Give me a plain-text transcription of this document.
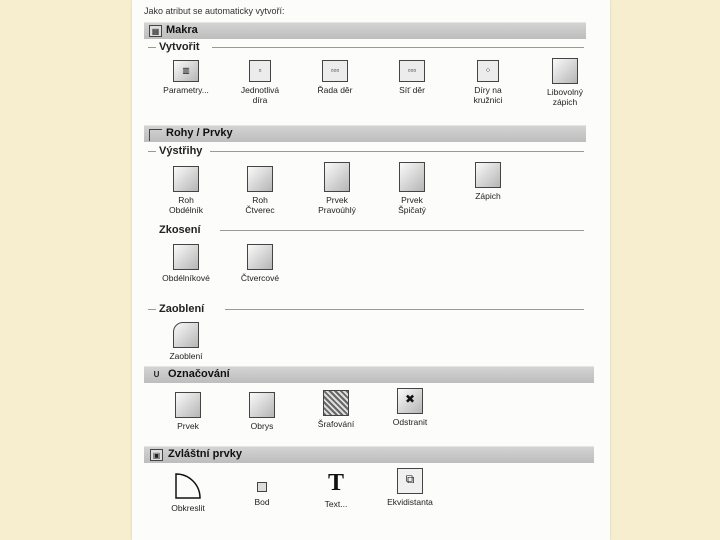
Jako atribut se automaticky vytvoří:
▦ Makra
Vytvořit
▥
Parametry...
▫
Jednotlivá
díra
▫▫▫
Řada děr
▫▫▫
Síť děr
⁘
Díry na
kružnici
Libovolný
zápich
Rohy / Prvky
Výstřihy
Roh
Obdélník
Roh
Čtverec
Prvek
Pravoúhlý
Prvek
Špičatý
Zápich
Zkosení
Obdélníkové	Čtvercové
Zaoblení
Zaoblení
U Označování
Prvek	Obrys	Šrafování
✖
Odstranit
▣ Zvláštní prvky
Obkreslit
Bod
T
Text...
⧉
Ekvidistanta
